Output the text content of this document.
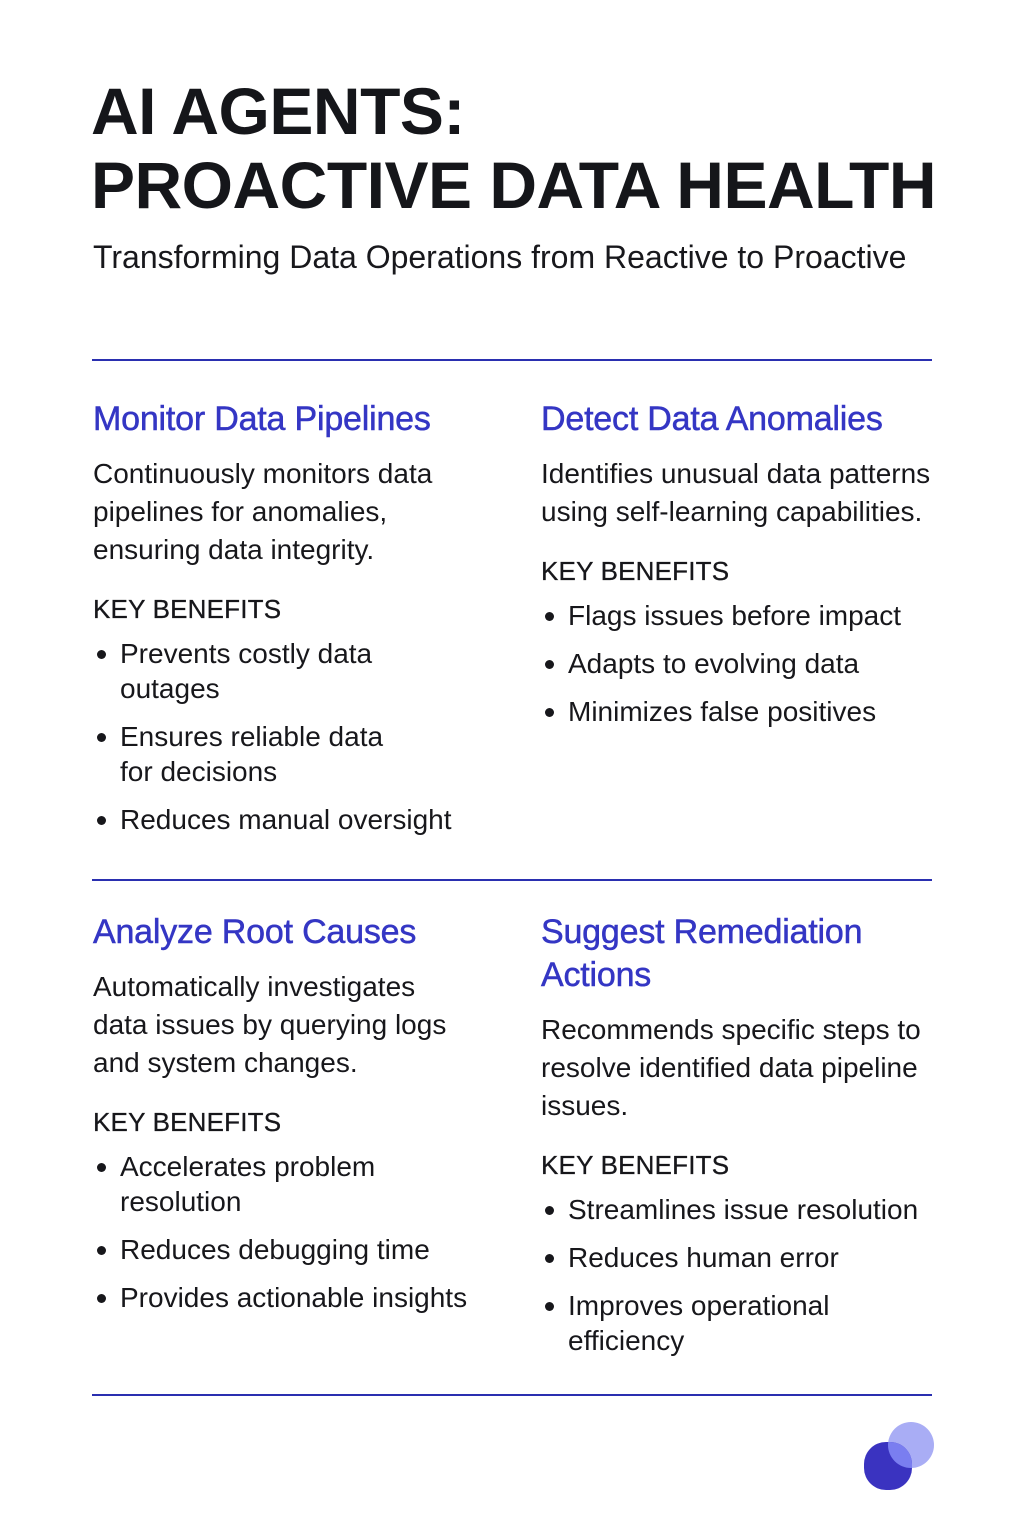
AI AGENTS:
PROACTIVE DATA HEALTH

Transforming Data Operations from Reactive to Proactive

Monitor Data Pipelines

Continuously monitors data pipelines for anomalies, ensuring data integrity.

KEY BENEFITS

Prevents costly data outages
Ensures reliable data for decisions
Reduces manual oversight
Detect Data Anomalies

Identifies unusual data patterns using self-learning capabilities.

KEY BENEFITS

Flags issues before impact
Adapts to evolving data
Minimizes false positives
Analyze Root Causes

Automatically investigates data issues by querying logs and system changes.

KEY BENEFITS

Accelerates problem resolution
Reduces debugging time
Provides actionable insights
Suggest Remediation Actions

Recommends specific steps to resolve identified data pipeline issues.

KEY BENEFITS

Streamlines issue resolution
Reduces human error
Improves operational efficiency
